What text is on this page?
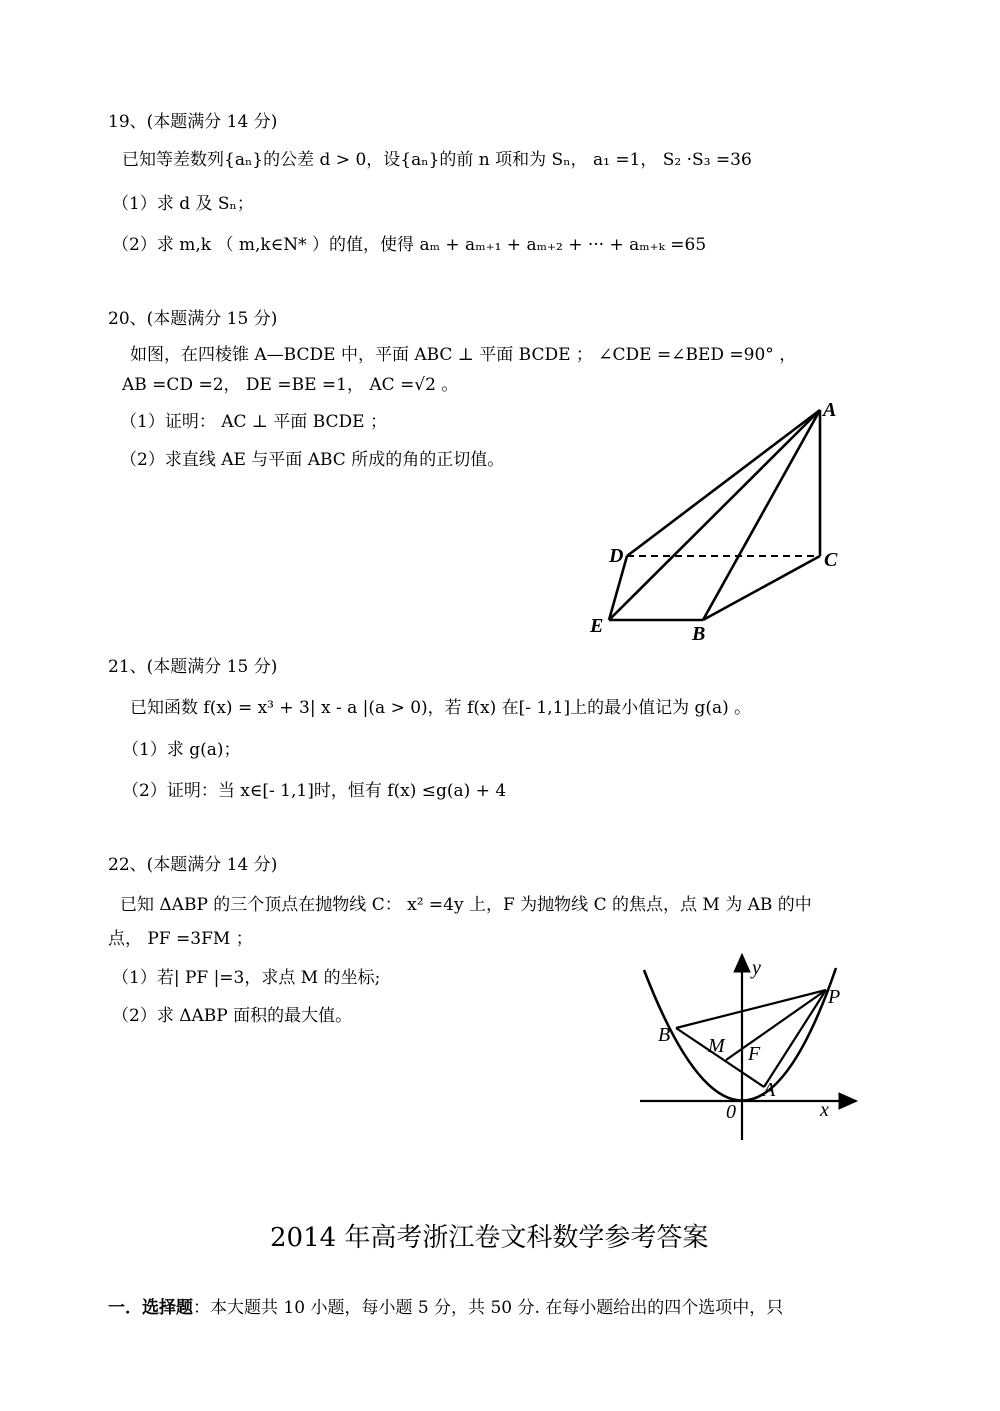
19、(本题满分 14 分)
已知等差数列{aₙ}的公差 d > 0，设{aₙ}的前 n 项和为 Sₙ， a₁ =1， S₂ ·S₃ =36
（1）求 d 及 Sₙ；
（2）求 m,k （ m,k∈N* ）的值，使得 aₘ + aₘ₊₁ + aₘ₊₂ + ··· + aₘ₊ₖ =65
20、(本题满分 15 分)
如图，在四棱锥 A—BCDE 中，平面 ABC ⊥ 平面 BCDE ； ∠CDE =∠BED =90° ，
AB =CD =2， DE =BE =1， AC =√2 。
（1）证明： AC ⊥ 平面 BCDE ；
（2）求直线 AE 与平面 ABC 所成的角的正切值。
A
D	C
E	B
21、(本题满分 15 分)
已知函数 f(x) = x³ + 3| x - a |(a > 0)，若 f(x) 在[- 1,1]上的最小值记为 g(a) 。
（1）求 g(a)；
（2）证明：当 x∈[- 1,1]时，恒有 f(x) ≤g(a) + 4
22、(本题满分 14 分)
已知 ΔABP 的三个顶点在抛物线 C： x² =4y 上，F 为抛物线 C 的焦点，点 M 为 AB 的中
点， PF =3FM ；
（1）若| PF |=3，求点 M 的坐标;
（2）求 ΔABP 面积的最大值。
y
x
P
B M F
A
0
2014 年高考浙江卷文科数学参考答案
一．选择题：本大题共 10 小题，每小题 5 分，共 50 分. 在每小题给出的四个选项中，只
